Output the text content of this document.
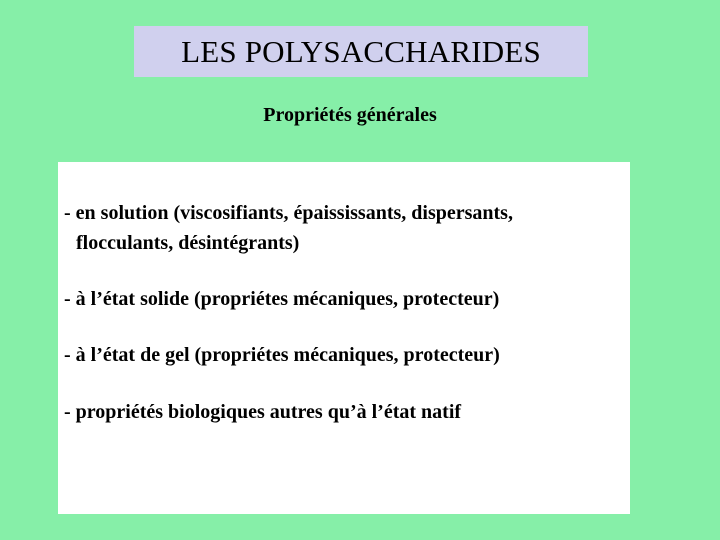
LES POLYSACCHARIDES
Propriétés générales
- en solution (viscosifiants, épaississants, dispersants,
flocculants, désintégrants)
- à l’état solide (propriétes mécaniques, protecteur)
- à l’état de gel (propriétes mécaniques, protecteur)
- propriétés biologiques autres qu’à l’état natif
